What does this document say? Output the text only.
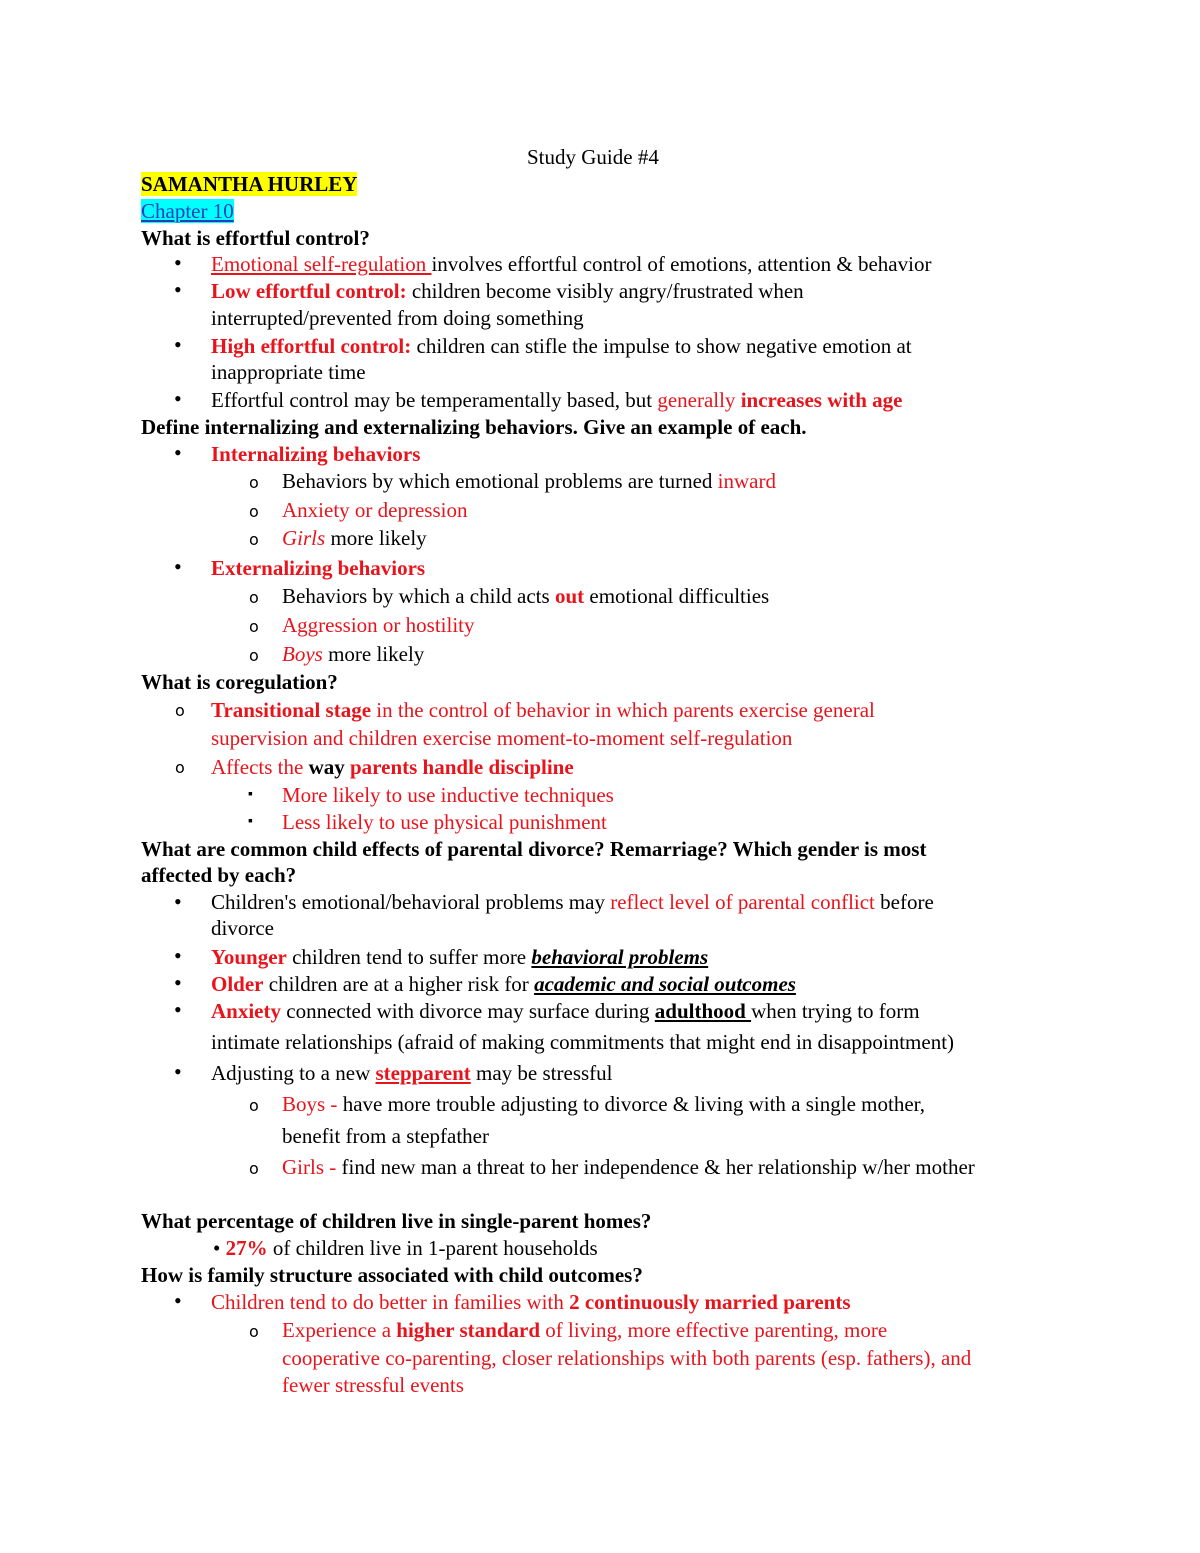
Study Guide #4
SAMANTHA HURLEY
Chapter 10
What is effortful control?
• Emotional self-regulation involves effortful control of emotions, attention & behavior
• Low effortful control: children become visibly angry/frustrated when
interrupted/prevented from doing something
• High effortful control: children can stifle the impulse to show negative emotion at
inappropriate time
• Effortful control may be temperamentally based, but generally increases with age
Define internalizing and externalizing behaviors. Give an example of each.
• Internalizing behaviors
o Behaviors by which emotional problems are turned inward
o Anxiety or depression
o Girls more likely
• Externalizing behaviors
o Behaviors by which a child acts out emotional difficulties
o Aggression or hostility
o Boys more likely
What is coregulation?
o Transitional stage in the control of behavior in which parents exercise general
supervision and children exercise moment-to-moment self-regulation
o Affects the way parents handle discipline
▪ More likely to use inductive techniques
▪ Less likely to use physical punishment
What are common child effects of parental divorce? Remarriage? Which gender is most
affected by each?
• Children's emotional/behavioral problems may reflect level of parental conflict before
divorce
• Younger children tend to suffer more behavioral problems
• Older children are at a higher risk for academic and social outcomes
• Anxiety connected with divorce may surface during adulthood when trying to form
intimate relationships (afraid of making commitments that might end in disappointment)
• Adjusting to a new stepparent may be stressful
o Boys - have more trouble adjusting to divorce & living with a single mother,
benefit from a stepfather
o Girls - find new man a threat to her independence & her relationship w/her mother
What percentage of children live in single-parent homes?
• 27% of children live in 1-parent households
How is family structure associated with child outcomes?
• Children tend to do better in families with 2 continuously married parents
o Experience a higher standard of living, more effective parenting, more
cooperative co-parenting, closer relationships with both parents (esp. fathers), and
fewer stressful events
